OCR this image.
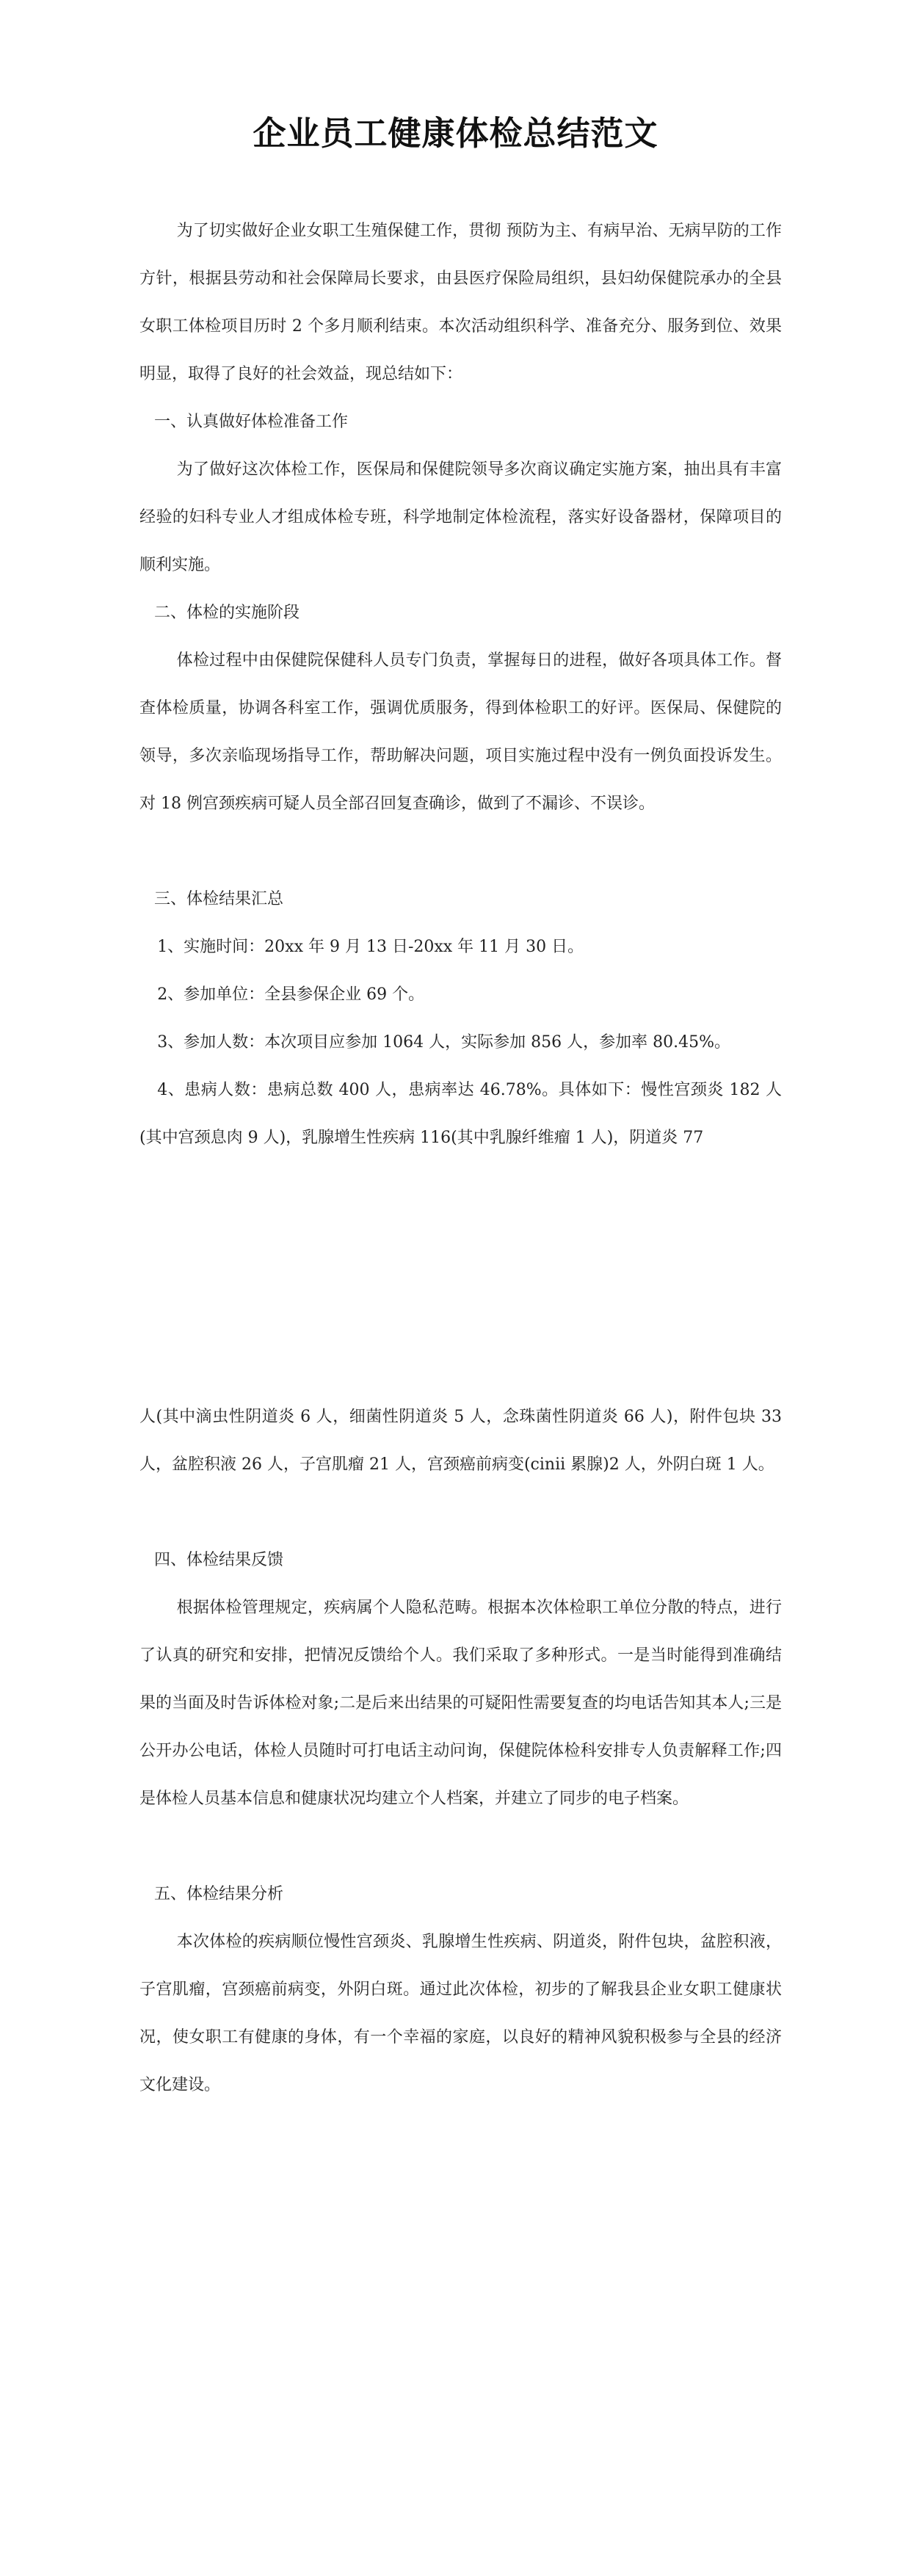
企业员工健康体检总结范文

为了切实做好企业女职工生殖保健工作，贯彻 预防为主、有病早治、无病早防的工作方针，根据县劳动和社会保障局长要求，由县医疗保险局组织，县妇幼保健院承办的全县女职工体检项目历时 2 个多月顺利结束。本次活动组织科学、准备充分、服务到位、效果明显，取得了良好的社会效益，现总结如下：

一、认真做好体检准备工作

为了做好这次体检工作，医保局和保健院领导多次商议确定实施方案，抽出具有丰富经验的妇科专业人才组成体检专班，科学地制定体检流程，落实好设备器材，保障项目的顺利实施。

二、体检的实施阶段

体检过程中由保健院保健科人员专门负责，掌握每日的进程，做好各项具体工作。督查体检质量，协调各科室工作，强调优质服务，得到体检职工的好评。医保局、保健院的领导，多次亲临现场指导工作，帮助解决问题，项目实施过程中没有一例负面投诉发生。对 18 例宫颈疾病可疑人员全部召回复查确诊，做到了不漏诊、不误诊。

三、体检结果汇总

1、实施时间：20xx 年 9 月 13 日-20xx 年 11 月 30 日。

2、参加单位：全县参保企业 69 个。

3、参加人数：本次项目应参加 1064 人，实际参加 856 人，参加率 80.45%。

4、患病人数：患病总数 400 人，患病率达 46.78%。具体如下：慢性宫颈炎 182 人(其中宫颈息肉 9 人)，乳腺增生性疾病 116(其中乳腺纤维瘤 1 人)，阴道炎 77

人(其中滴虫性阴道炎 6 人，细菌性阴道炎 5 人，念珠菌性阴道炎 66 人)，附件包块 33 人，盆腔积液 26 人，子宫肌瘤 21 人，宫颈癌前病变(cinii 累腺)2 人，外阴白斑 1 人。

四、体检结果反馈

根据体检管理规定，疾病属个人隐私范畴。根据本次体检职工单位分散的特点，进行了认真的研究和安排，把情况反馈给个人。我们采取了多种形式。一是当时能得到准确结果的当面及时告诉体检对象;二是后来出结果的可疑阳性需要复查的均电话告知其本人;三是公开办公电话，体检人员随时可打电话主动问询，保健院体检科安排专人负责解释工作;四是体检人员基本信息和健康状况均建立个人档案，并建立了同步的电子档案。

五、体检结果分析

本次体检的疾病顺位慢性宫颈炎、乳腺增生性疾病、阴道炎，附件包块，盆腔积液，子宫肌瘤，宫颈癌前病变，外阴白斑。通过此次体检，初步的了解我县企业女职工健康状况，使女职工有健康的身体，有一个幸福的家庭，以良好的精神风貌积极参与全县的经济文化建设。
